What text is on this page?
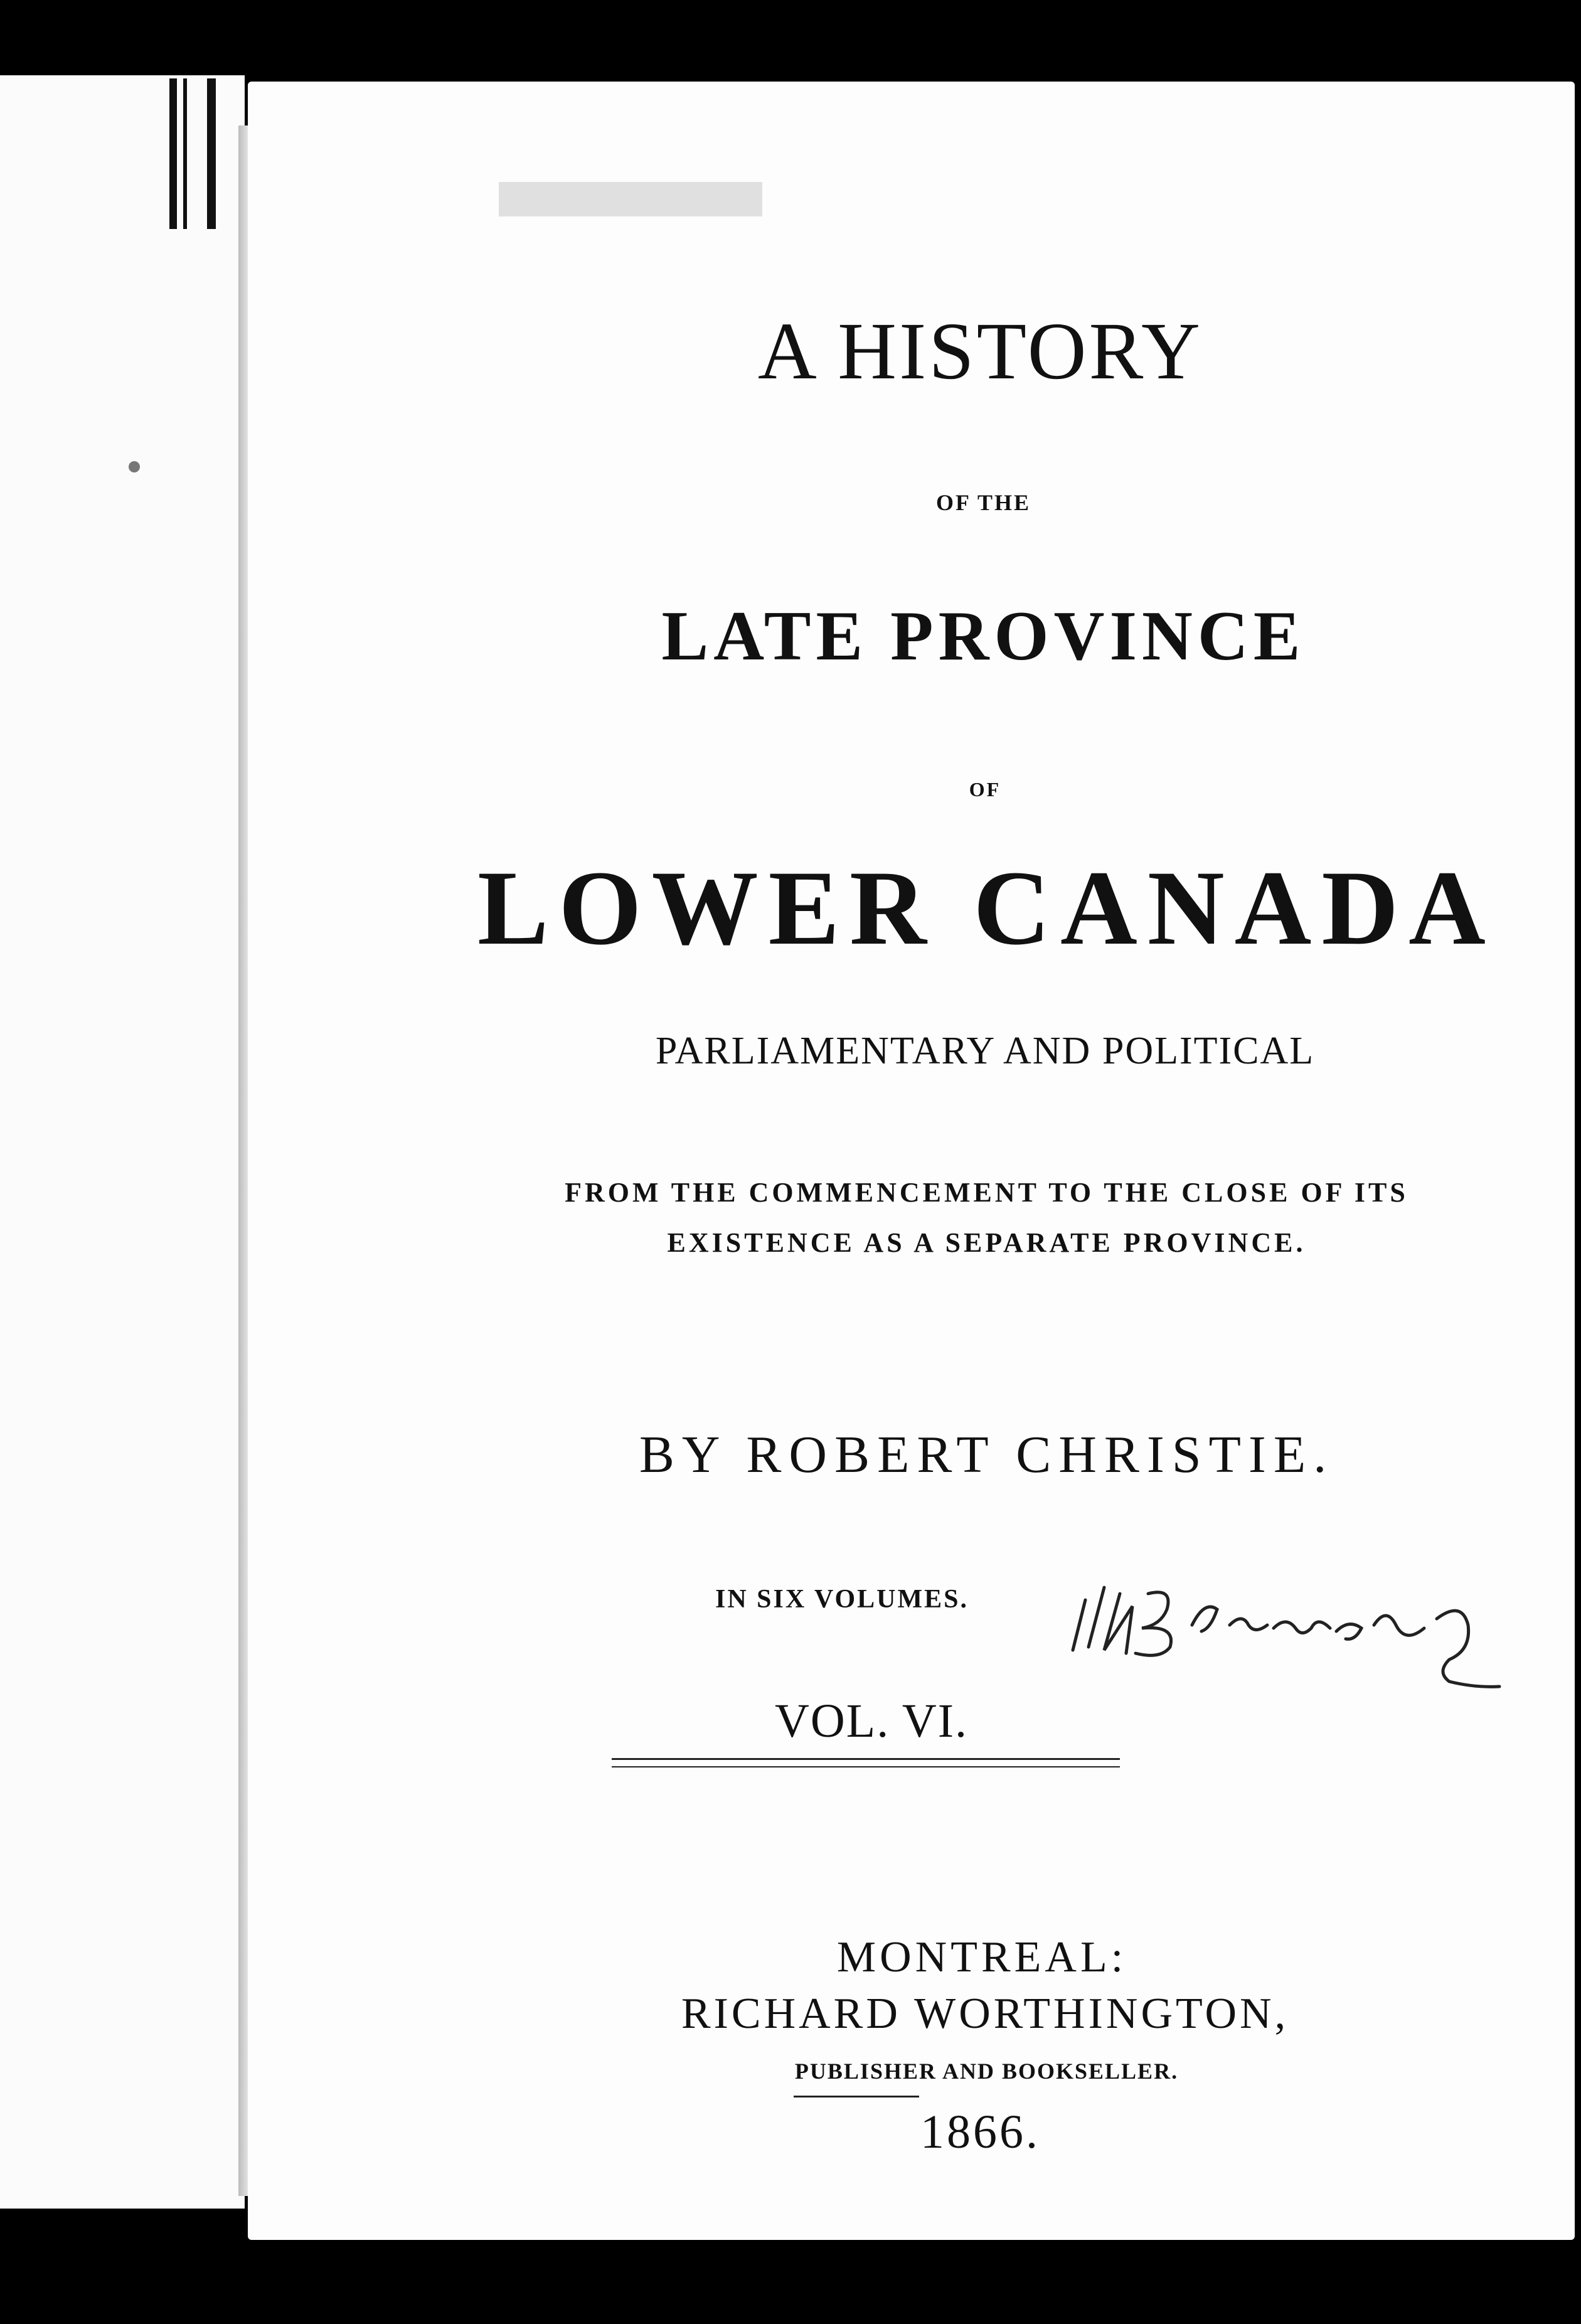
A HISTORY
OF THE
LATE PROVINCE
OF
LOWER CANADA
PARLIAMENTARY AND POLITICAL
FROM THE COMMENCEMENT TO THE CLOSE OF ITS
EXISTENCE AS A SEPARATE PROVINCE.
BY ROBERT CHRISTIE.
IN SIX VOLUMES.
VOL. VI.
MONTREAL:
RICHARD WORTHINGTON,
PUBLISHER AND BOOKSELLER.
1866.
